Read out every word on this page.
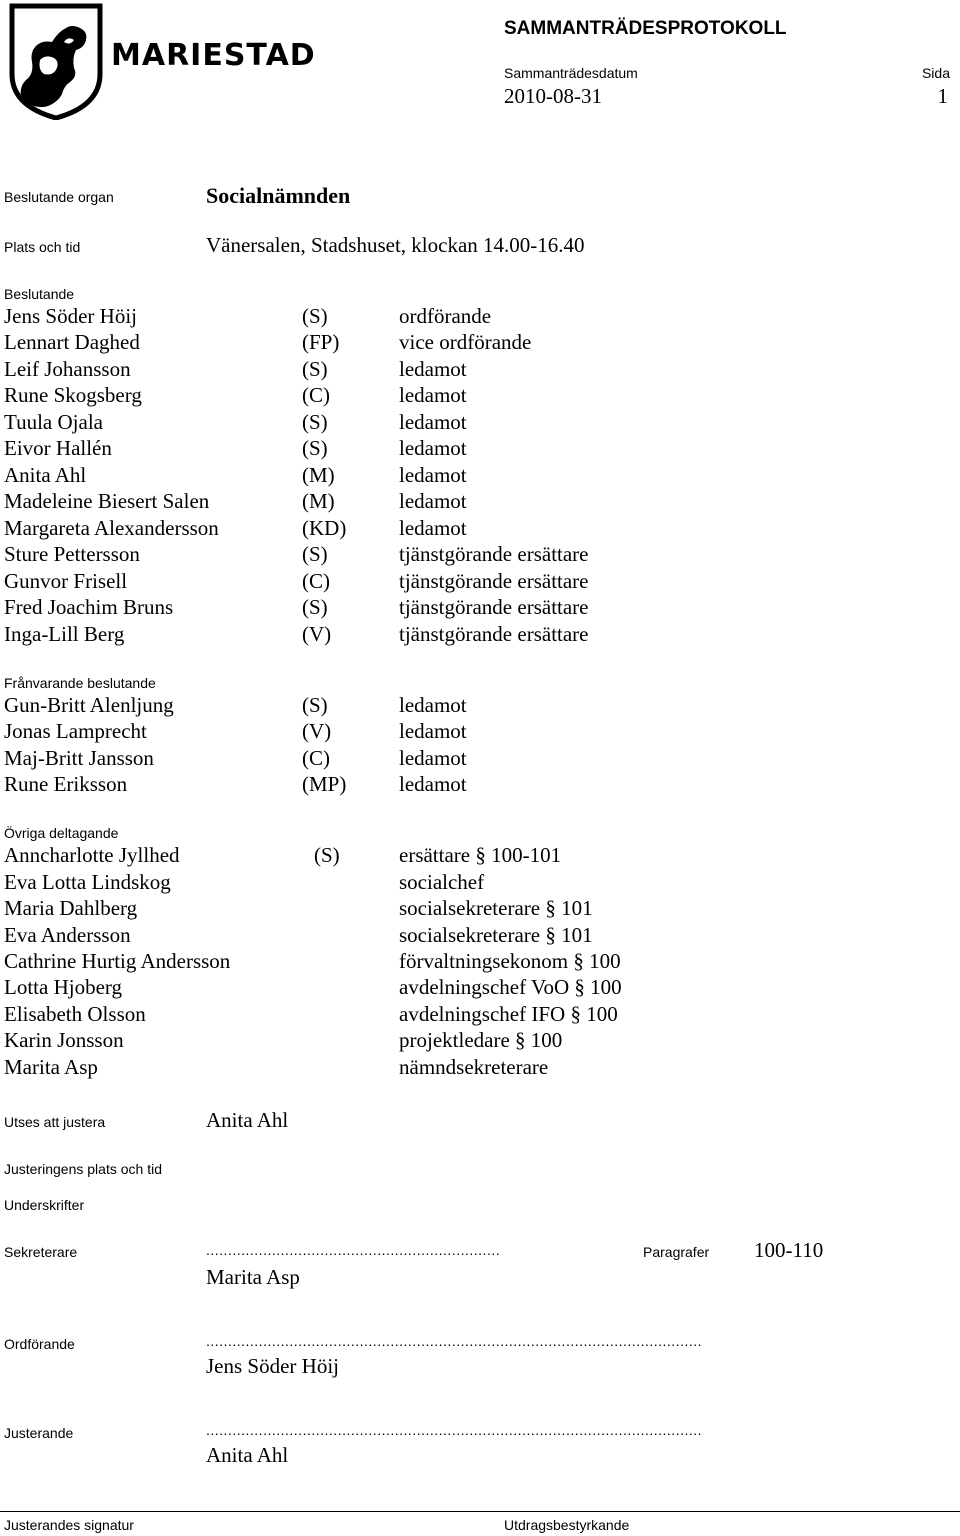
MARIESTAD
SAMMANTRÄDESPROTOKOLL
Sammanträdesdatum	Sida
2010-08-31	1
Beslutande organ	Socialnämnden
Plats och tid	Vänersalen, Stadshuset, klockan 14.00-16.40
Beslutande
Jens Söder Höij	(S)	ordförande
Lennart Daghed	(FP)	vice ordförande
Leif Johansson	(S)	ledamot
Rune Skogsberg	(C)	ledamot
Tuula Ojala	(S)	ledamot
Eivor Hallén	(S)	ledamot
Anita Ahl	(M)	ledamot
Madeleine Biesert Salen	(M)	ledamot
Margareta Alexandersson	(KD)	ledamot
Sture Pettersson	(S)	tjänstgörande ersättare
Gunvor Frisell	(C)	tjänstgörande ersättare
Fred Joachim Bruns	(S)	tjänstgörande ersättare
Inga-Lill Berg	(V)	tjänstgörande ersättare
Frånvarande beslutande
Gun-Britt Alenljung	(S)	ledamot
Jonas Lamprecht	(V)	ledamot
Maj-Britt Jansson	(C)	ledamot
Rune Eriksson	(MP)	ledamot
Övriga deltagande
Anncharlotte Jyllhed	(S)	ersättare § 100-101
Eva Lotta Lindskog	socialchef
Maria Dahlberg	socialsekreterare § 101
Eva Andersson	socialsekreterare § 101
Cathrine Hurtig Andersson	förvaltningsekonom § 100
Lotta Hjoberg	avdelningschef VoO § 100
Elisabeth Olsson	avdelningschef IFO § 100
Karin Jonsson	projektledare § 100
Marita Asp	nämndsekreterare
Utses att justera	Anita Ahl
Justeringens plats och tid
Underskrifter
Sekreterare	...................................................................	Paragrafer 100-110
Marita Asp
Ordförande	.................................................................................................................
Jens Söder Höij
Justerande	.................................................................................................................
Anita Ahl
Justerandes signatur	Utdragsbestyrkande
